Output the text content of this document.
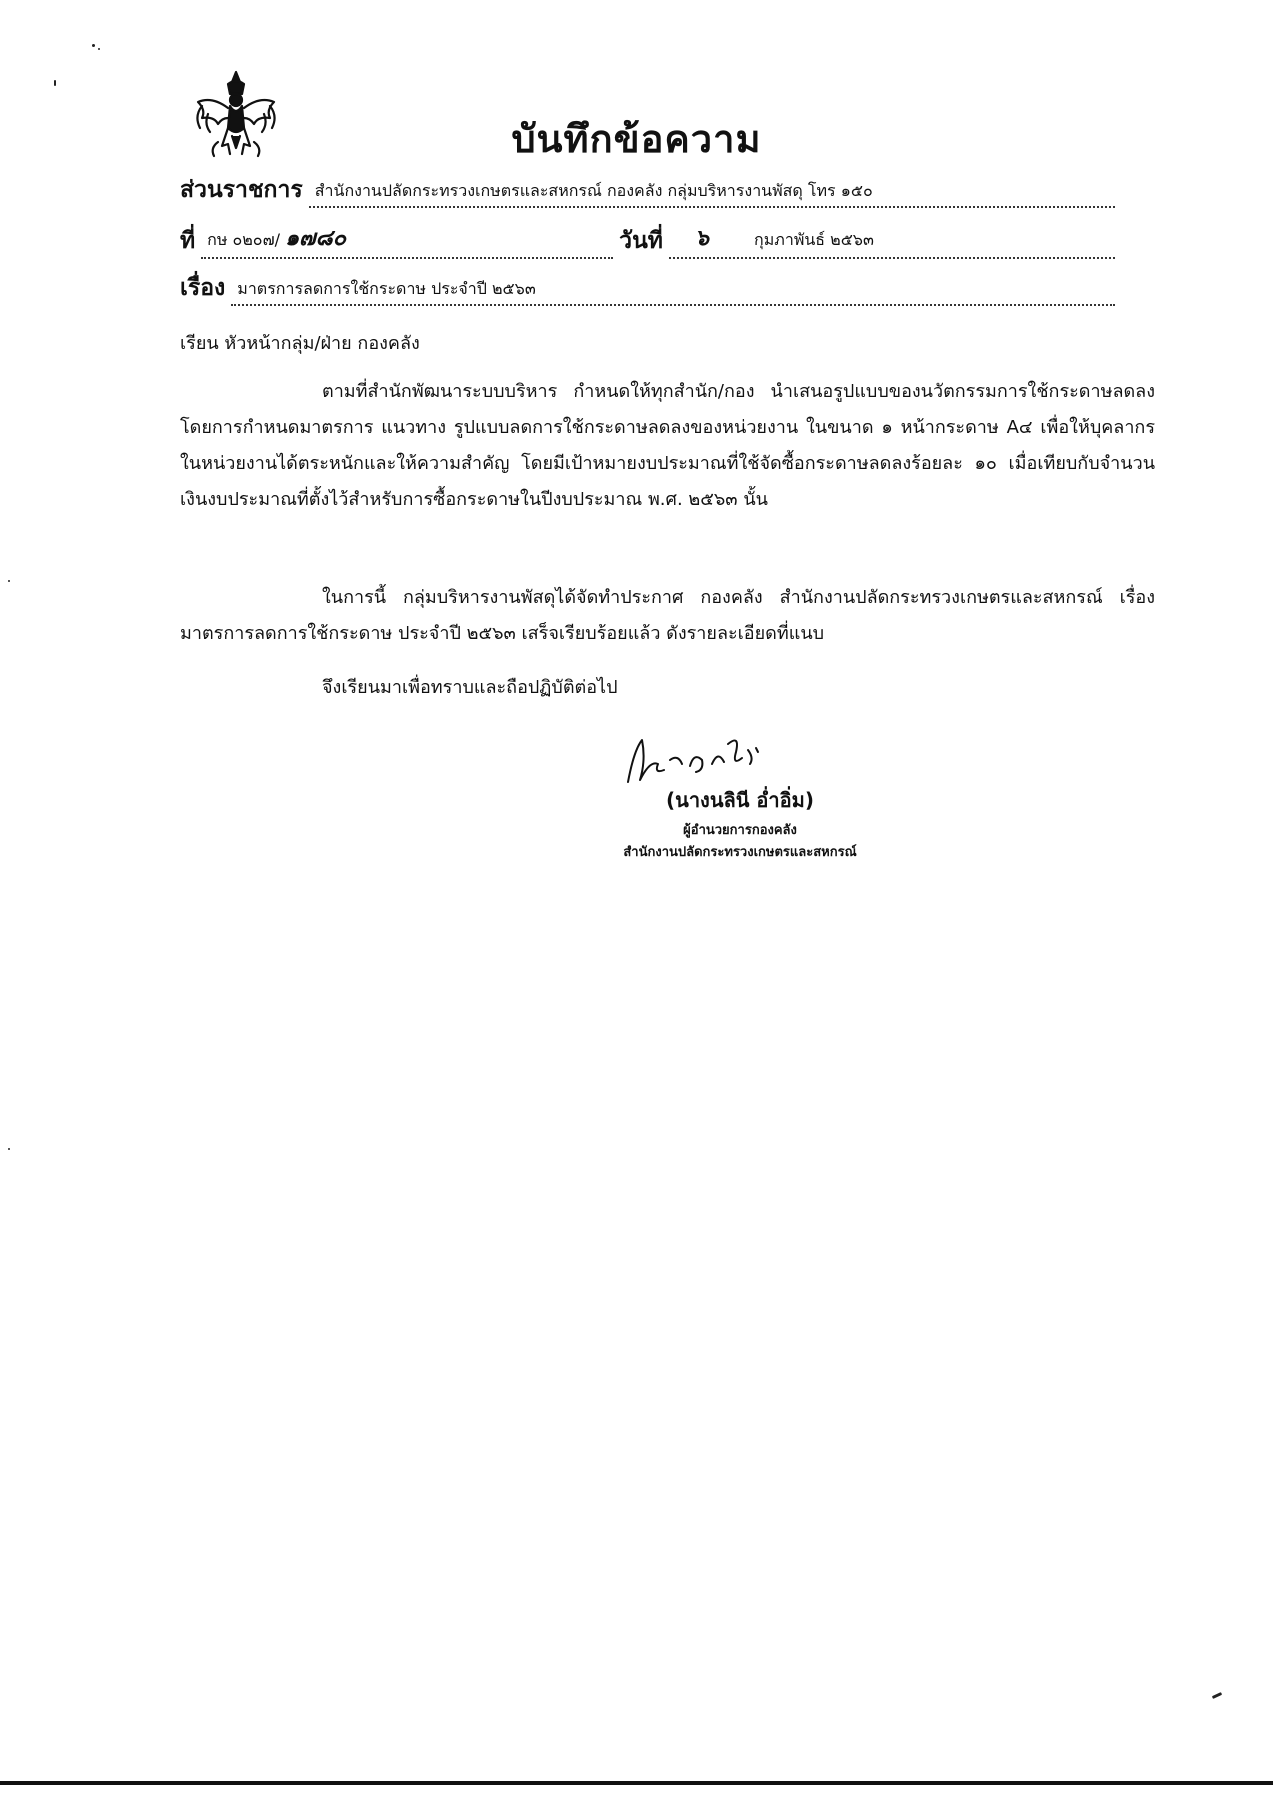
บันทึกข้อความ
ส่วนราชการ สำนักงานปลัดกระทรวงเกษตรและสหกรณ์ กองคลัง กลุ่มบริหารงานพัสดุ โทร ๑๕๐
ที่ กษ ๐๒๐๗/ ๑๗๘๐	วันที่	๖	กุมภาพันธ์ ๒๕๖๓
เรื่อง มาตรการลดการใช้กระดาษ ประจำปี ๒๕๖๓
เรียน หัวหน้ากลุ่ม/ฝ่าย กองคลัง
ตามที่สำนักพัฒนาระบบบริหาร กำหนดให้ทุกสำนัก/กอง นำเสนอรูปแบบของนวัตกรรมการใช้กระดาษลดลง โดยการกำหนดมาตรการ แนวทาง รูปแบบลดการใช้กระดาษลดลงของหน่วยงาน ในขนาด ๑ หน้ากระดาษ A๔ เพื่อให้บุคลากรในหน่วยงานได้ตระหนักและให้ความสำคัญ โดยมีเป้าหมายงบประมาณที่ใช้จัดซื้อกระดาษลดลงร้อยละ ๑๐ เมื่อเทียบกับจำนวนเงินงบประมาณที่ตั้งไว้สำหรับการซื้อกระดาษในปีงบประมาณ พ.ศ. ๒๕๖๓ นั้น
ในการนี้ กลุ่มบริหารงานพัสดุได้จัดทำประกาศ กองคลัง สำนักงานปลัดกระทรวงเกษตรและสหกรณ์ เรื่อง มาตรการลดการใช้กระดาษ ประจำปี ๒๕๖๓ เสร็จเรียบร้อยแล้ว ดังรายละเอียดที่แนบ
จึงเรียนมาเพื่อทราบและถือปฏิบัติต่อไป
(นางนลินี อ่ำอิ่ม)
ผู้อำนวยการกองคลัง
สำนักงานปลัดกระทรวงเกษตรและสหกรณ์
